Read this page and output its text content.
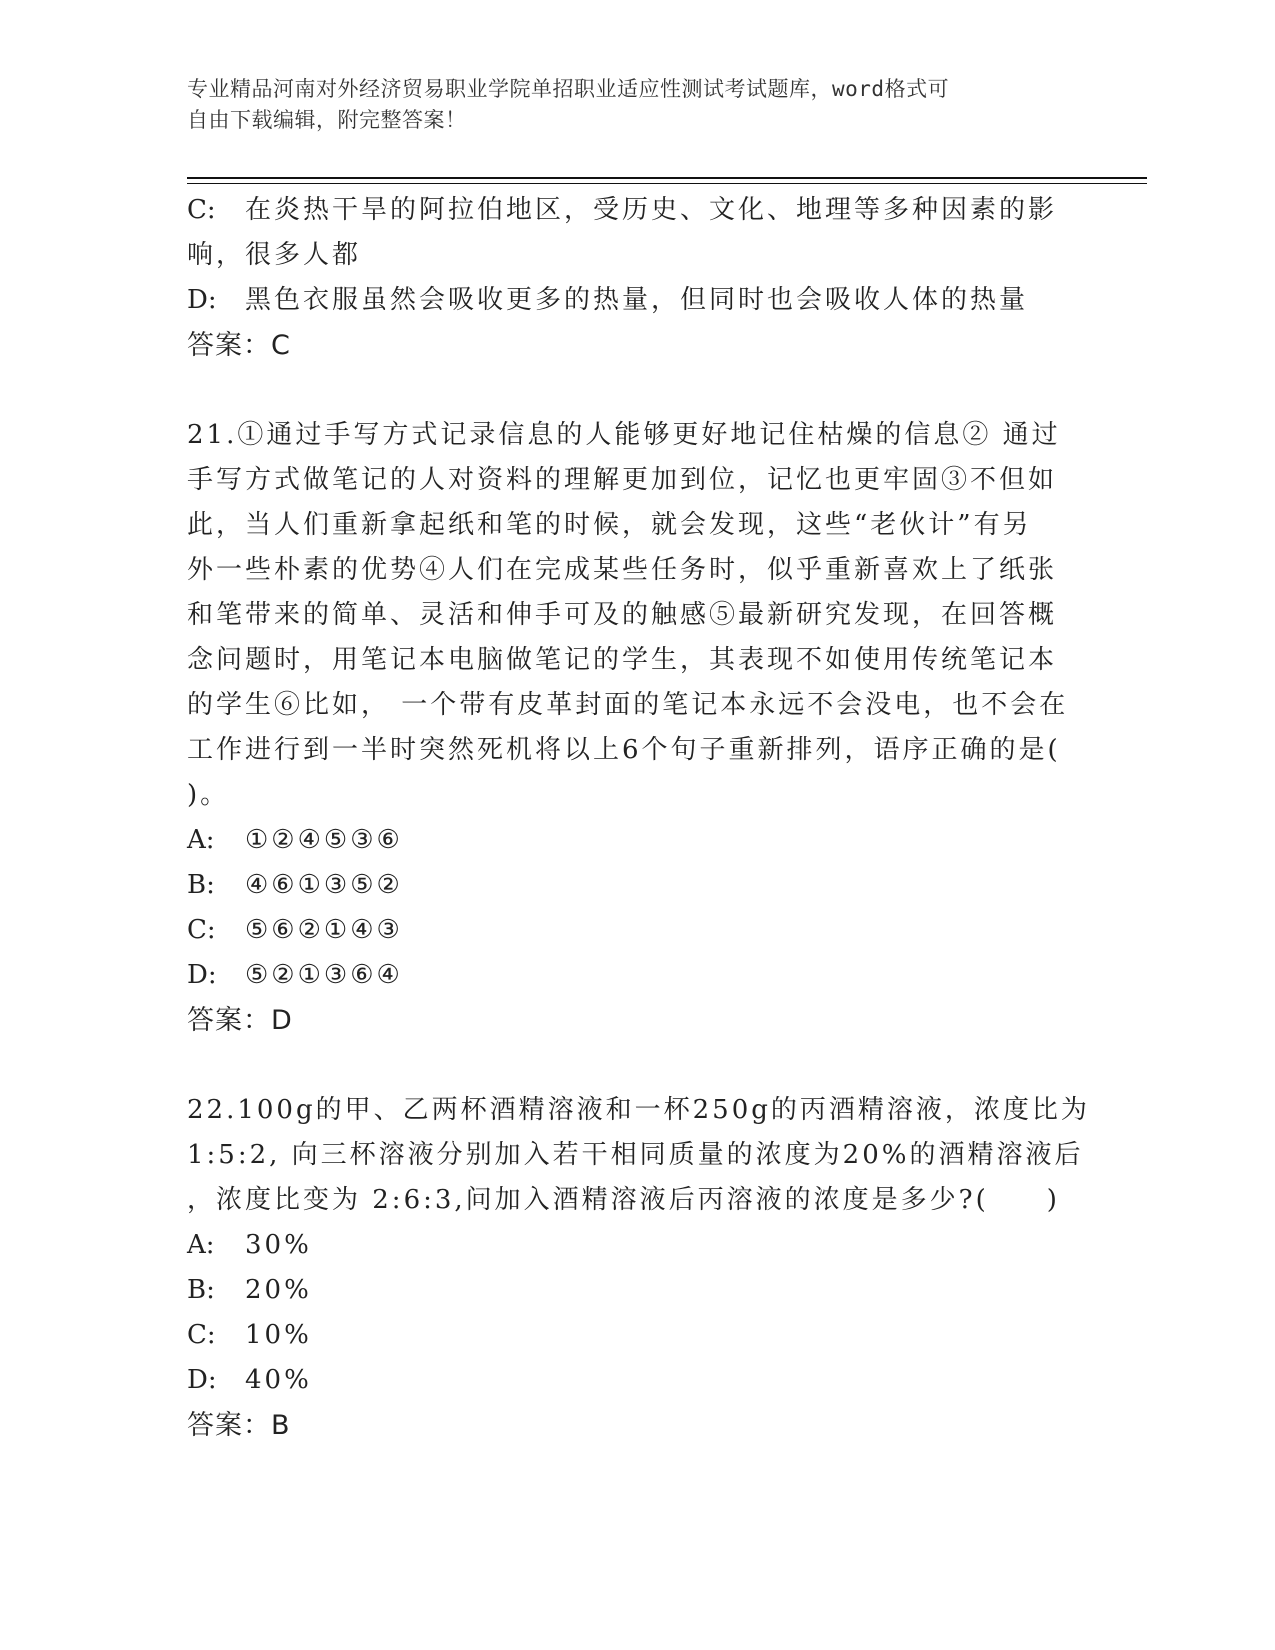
专业精品河南对外经济贸易职业学院单招职业适应性测试考试题库，word格式可
自由下载编辑，附完整答案！
C:	在炎热干旱的阿拉伯地区，受历史、文化、地理等多种因素的影
响，很多人都
D:	黑色衣服虽然会吸收更多的热量，但同时也会吸收人体的热量
答案：C
21.①通过手写方式记录信息的人能够更好地记住枯燥的信息② 通过
手写方式做笔记的人对资料的理解更加到位，记忆也更牢固③不但如
此，当人们重新拿起纸和笔的时候，就会发现，这些“老伙计”有另
外一些朴素的优势④人们在完成某些任务时，似乎重新喜欢上了纸张
和笔带来的简单、灵活和伸手可及的触感⑤最新研究发现，在回答概
念问题时，用笔记本电脑做笔记的学生，其表现不如使用传统笔记本
的学生⑥比如， 一个带有皮革封面的笔记本永远不会没电，也不会在
工作进行到一半时突然死机将以上6个句子重新排列，语序正确的是(
)。
A:	①②④⑤③⑥
B:	④⑥①③⑤②
C:	⑤⑥②①④③
D:	⑤②①③⑥④
答案：D
22.100g的甲、乙两杯酒精溶液和一杯250g的丙酒精溶液，浓度比为
1:5:2, 向三杯溶液分别加入若干相同质量的浓度为20%的酒精溶液后
，浓度比变为 2:6:3,问加入酒精溶液后丙溶液的浓度是多少?(　　)
A:	30%
B:	20%
C:	10%
D:	40%
答案：B
